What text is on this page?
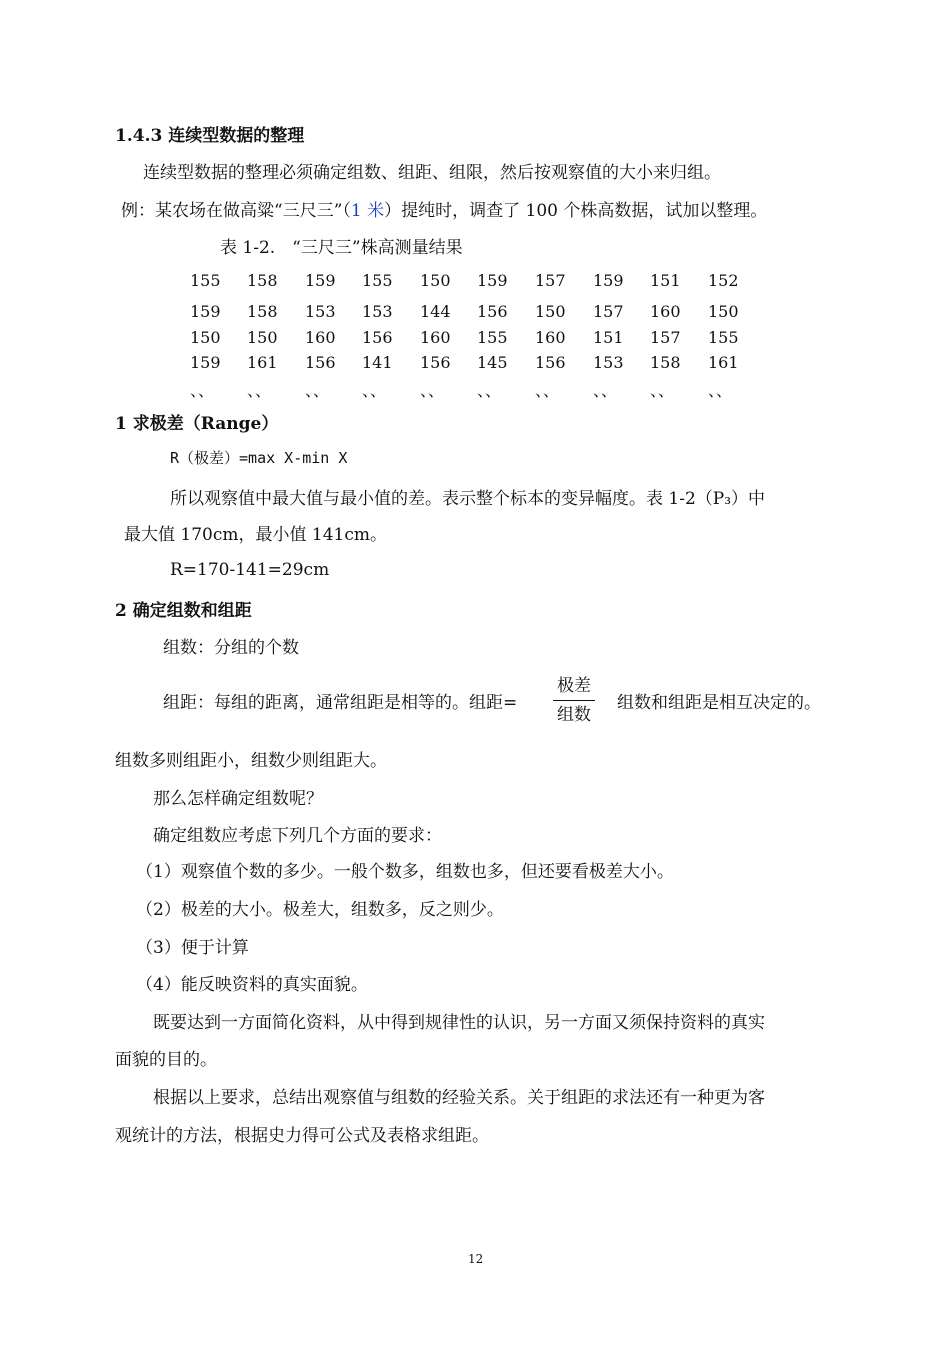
1.4.3 连续型数据的整理
连续型数据的整理必须确定组数、组距、组限，然后按观察值的大小来归组。
例：某农场在做高粱“三尺三”（1 米）提纯时，调查了 100 个株高数据，试加以整理。
表 1-2.　“三尺三”株高测量结果
155 158 159 155 150 159 157 159 151 152
159 158 153 153 144 156 150 157 160 150
150 150 160 156 160 155 160 151 157 155
159 161 156 141 156 145 156 153 158 161
、、 、、 、、 、、 、、 、、 、、 、、 、、 、、
1 求极差（Range）
R（极差）=max X-min X
所以观察值中最大值与最小值的差。表示整个标本的变异幅度。表 1-2（P₃）中
最大值 170cm，最小值 141cm。
R=170-141=29cm
2 确定组数和组距
组数：分组的个数
组距：每组的距离，通常组距是相等的。组距=
极差
组数
组数和组距是相互决定的。
组数多则组距小，组数少则组距大。
那么怎样确定组数呢？
确定组数应考虑下列几个方面的要求：
（1）观察值个数的多少。一般个数多，组数也多，但还要看极差大小。
（2）极差的大小。极差大，组数多，反之则少。
（3）便于计算
（4）能反映资料的真实面貌。
既要达到一方面简化资料，从中得到规律性的认识，另一方面又须保持资料的真实
面貌的目的。
根据以上要求，总结出观察值与组数的经验关系。关于组距的求法还有一种更为客
观统计的方法，根据史力得可公式及表格求组距。
12
